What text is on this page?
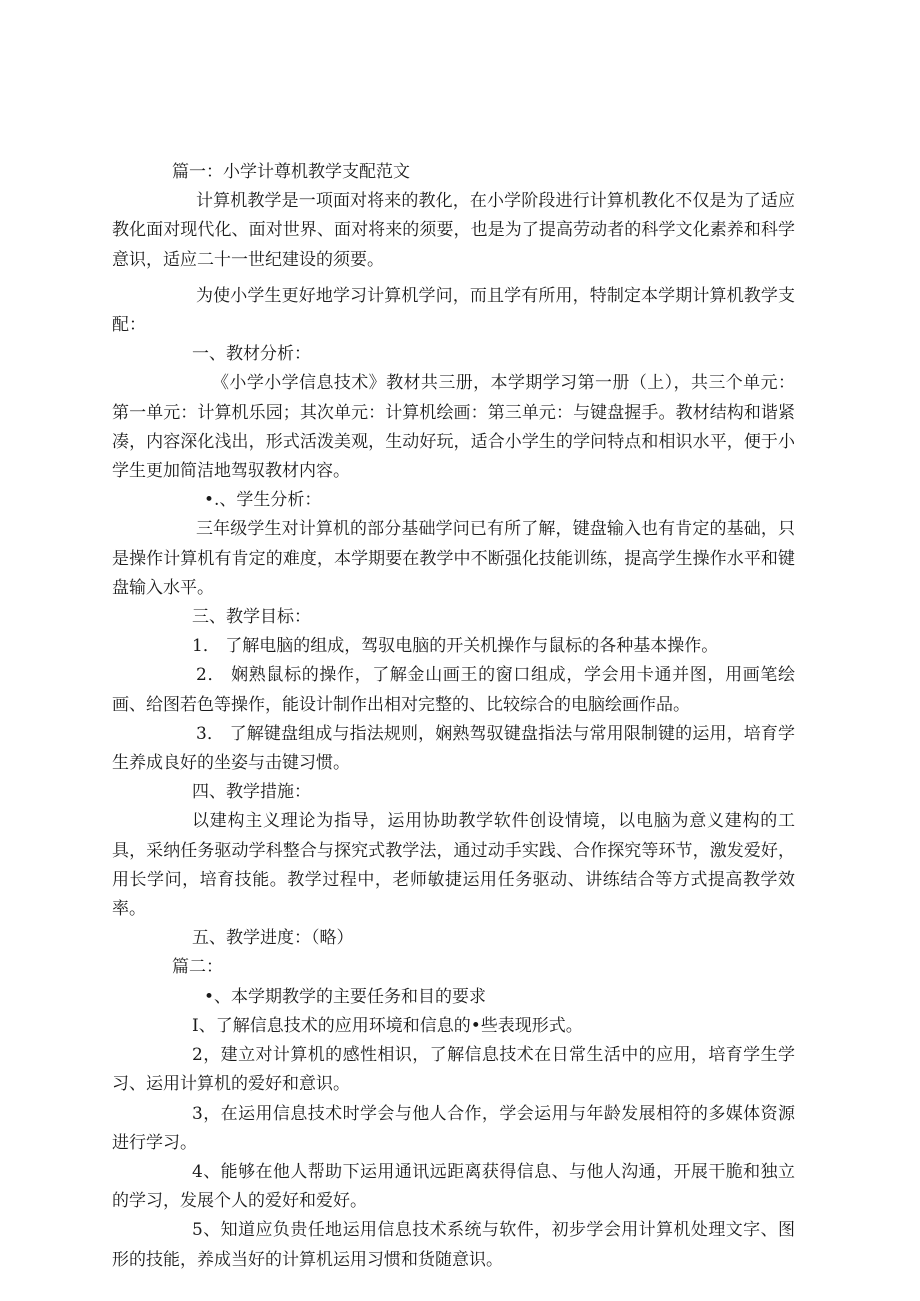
篇一：小学计尊机教学支配范文

计算机教学是一项面对将来的教化，在小学阶段进行计算机教化不仅是为了适应教化面对现代化、面对世界、面对将来的须要，也是为了提高劳动者的科学文化素养和科学意识，适应二十一世纪建设的须要。

为使小学生更好地学习计算机学问，而且学有所用，特制定本学期计算机教学支配：

一、教材分析：

《小学小学信息技术》教材共三册，本学期学习第一册（上），共三个单元：第一单元：计算机乐园；其次单元：计算机绘画：第三单元：与键盘握手。教材结构和谐紧凑，内容深化浅出，形式活泼美观，生动好玩，适合小学生的学问特点和相识水平，便于小学生更加简洁地驾驭教材内容。

•.、学生分析：

三年级学生对计算机的部分基础学问已有所了解，键盘输入也有肯定的基础，只是操作计算机有肯定的难度，本学期要在教学中不断强化技能训练，提高学生操作水平和键盘输入水平。

三、教学目标：

1． 了解电脑的组成，驾驭电脑的开关机操作与鼠标的各种基本操作。

2． 娴熟鼠标的操作，了解金山画王的窗口组成，学会用卡通并图，用画笔绘画、给图若色等操作，能设计制作出相对完整的、比较综合的电脑绘画作品。

3． 了解键盘组成与指法规则，娴熟驾驭键盘指法与常用限制键的运用，培育学生养成良好的坐姿与击键习惯。

四、教学措施：

以建构主义理论为指导，运用协助教学软件创设情境，以电脑为意义建构的工具，采纳任务驱动学科整合与探究式教学法，通过动手实践、合作探究等环节，激发爱好，用长学问，培育技能。教学过程中，老师敏捷运用任务驱动、讲练结合等方式提高教学效率。

五、教学进度：（略）

篇二：

•、本学期教学的主要任务和目的要求

I、了解信息技术的应用环境和信息的•些表现形式。

2，建立对计算机的感性相识，了解信息技术在日常生活中的应用，培育学生学习、运用计算机的爱好和意识。

3，在运用信息技术时学会与他人合作，学会运用与年龄发展相符的多媒体资源进行学习。

4、能够在他人帮助下运用通讯远距离获得信息、与他人沟通，开展干脆和独立的学习，发展个人的爱好和爱好。

5、知道应负贵任地运用信息技术系统与软件，初步学会用计算机处理文字、图形的技能，养成当好的计算机运用习惯和货随意识。
